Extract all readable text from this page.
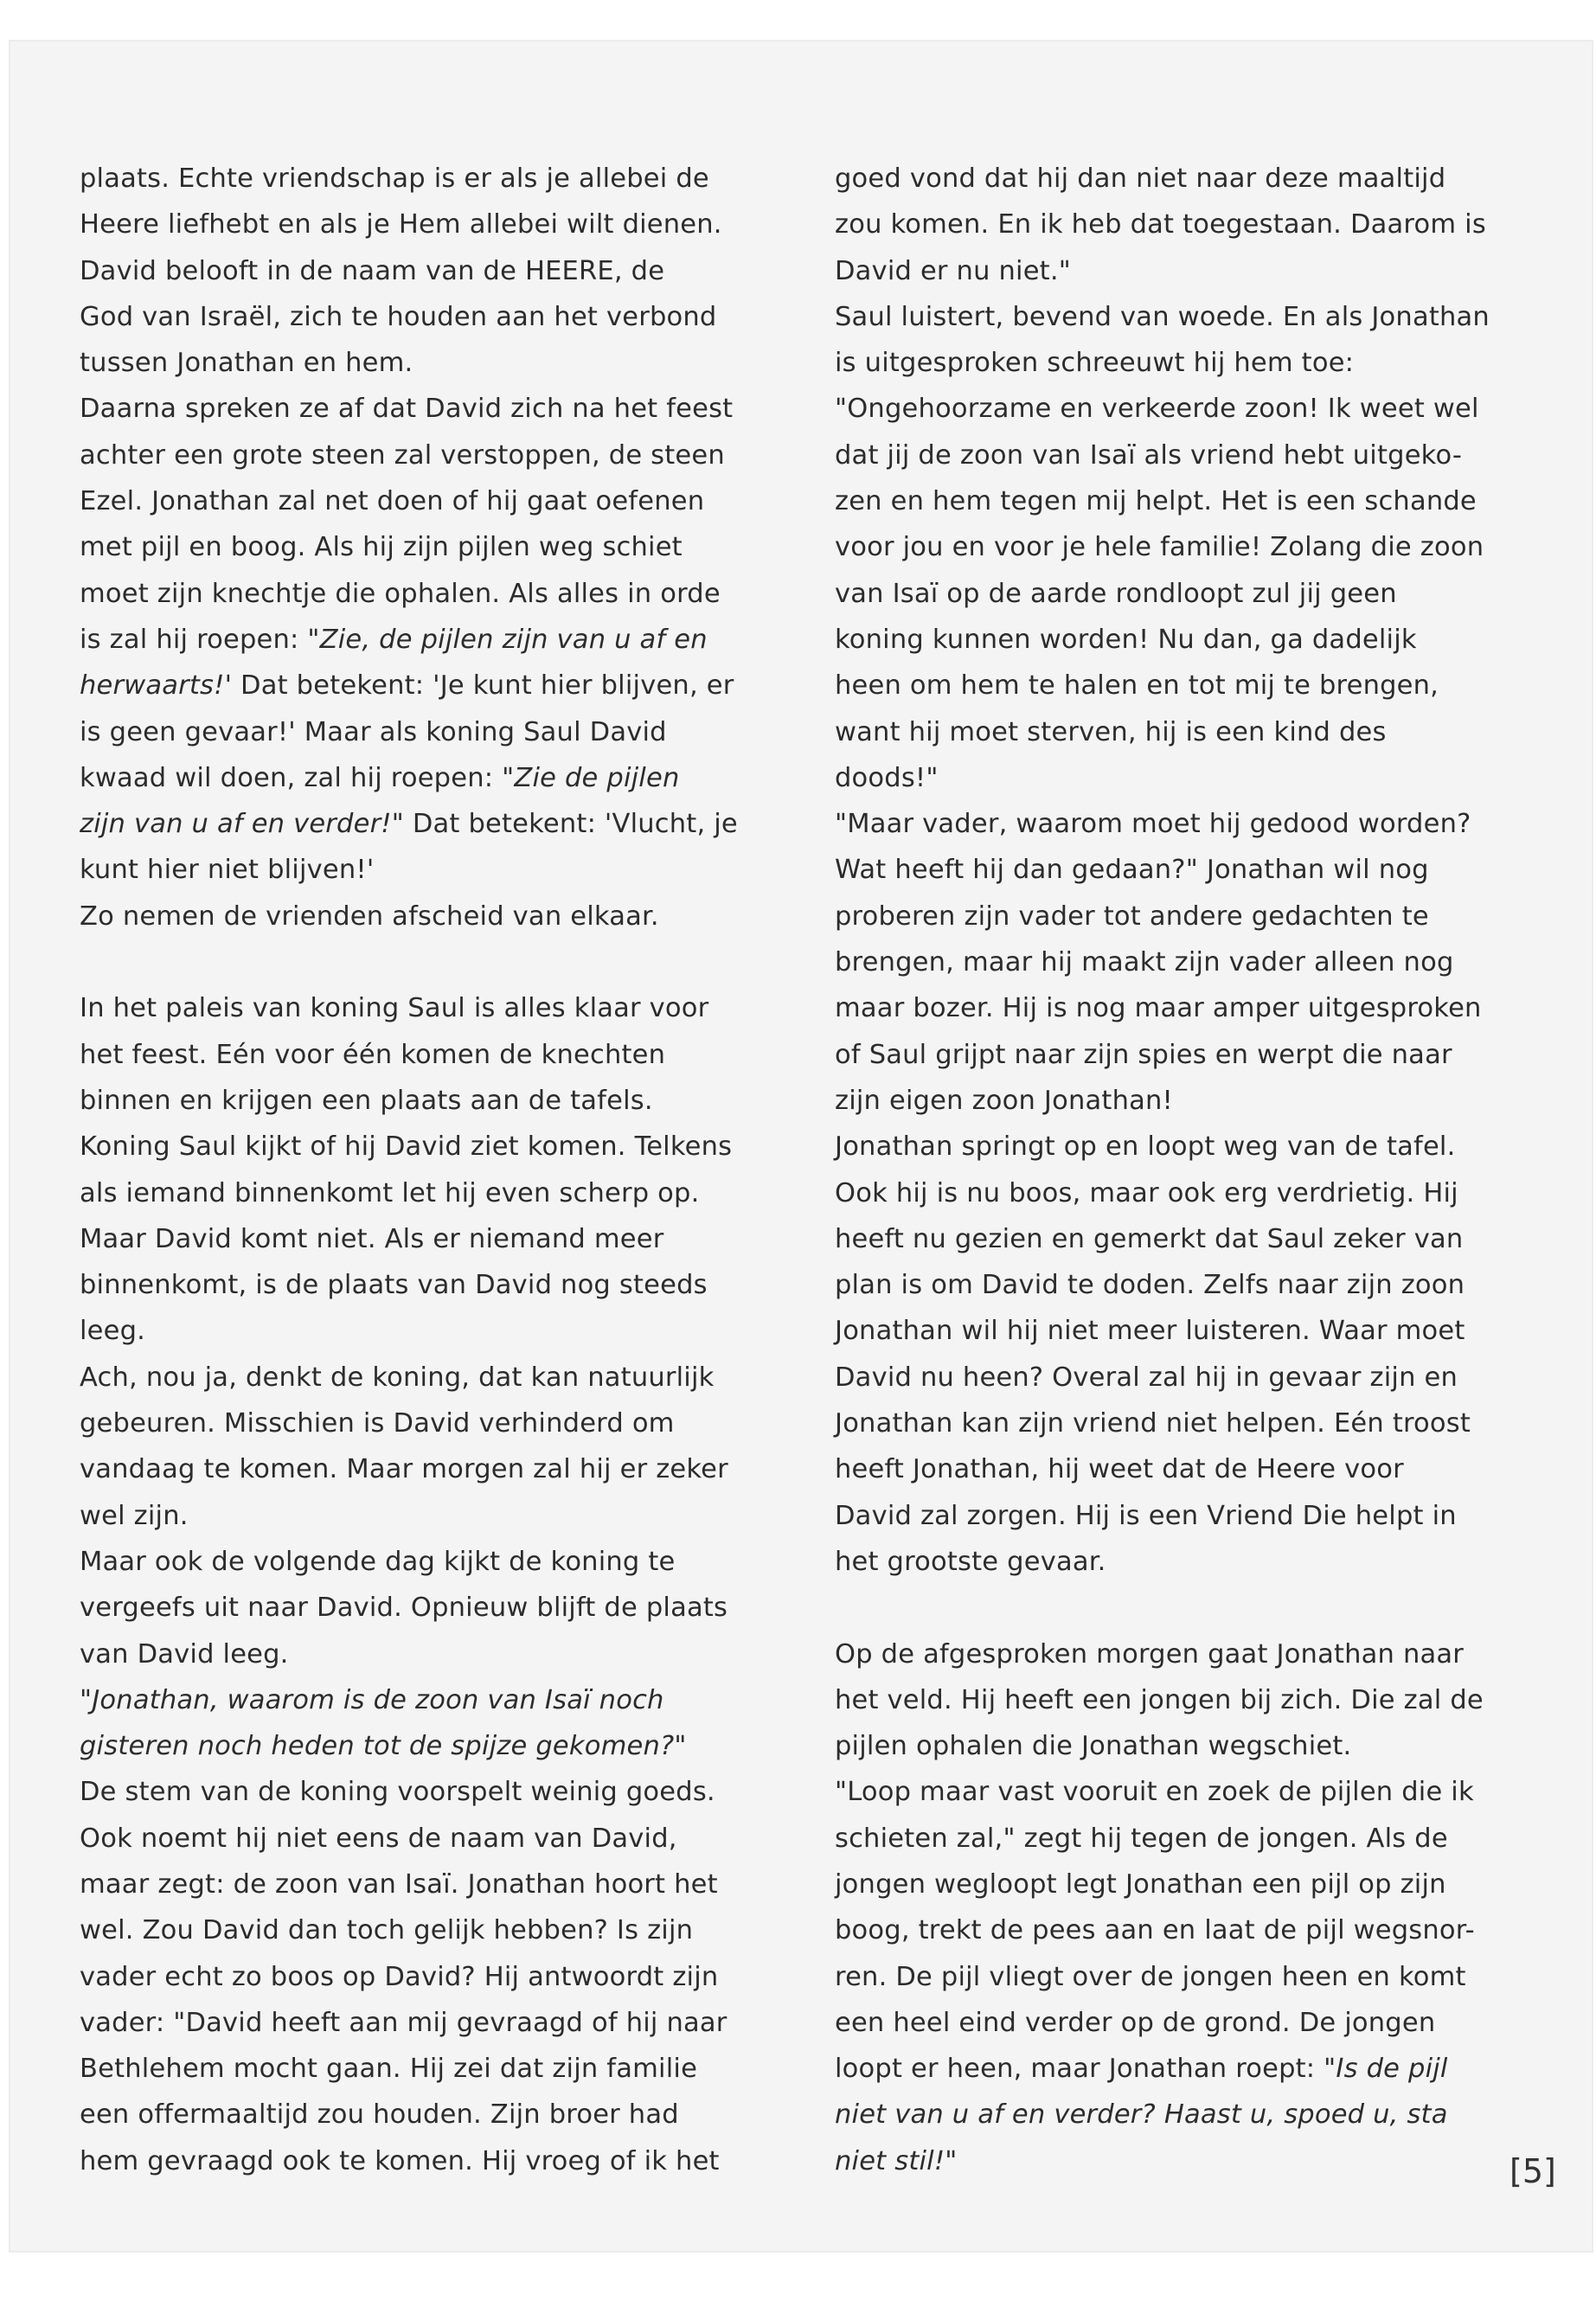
plaats. Echte vriendschap is er als je allebei de
Heere liefhebt en als je Hem allebei wilt dienen.
David belooft in de naam van de HEERE, de
God van Israël, zich te houden aan het verbond
tussen Jonathan en hem.
Daarna spreken ze af dat David zich na het feest
achter een grote steen zal verstoppen, de steen
Ezel. Jonathan zal net doen of hij gaat oefenen
met pijl en boog. Als hij zijn pijlen weg schiet
moet zijn knechtje die ophalen. Als alles in orde
is zal hij roepen: "Zie, de pijlen zijn van u af en
herwaarts!' Dat betekent: 'Je kunt hier blijven, er
is geen gevaar!' Maar als koning Saul David
kwaad wil doen, zal hij roepen: "Zie de pijlen
zijn van u af en verder!" Dat betekent: 'Vlucht, je
kunt hier niet blijven!'
Zo nemen de vrienden afscheid van elkaar.
In het paleis van koning Saul is alles klaar voor
het feest. Eén voor één komen de knechten
binnen en krijgen een plaats aan de tafels.
Koning Saul kijkt of hij David ziet komen. Telkens
als iemand binnenkomt let hij even scherp op.
Maar David komt niet. Als er niemand meer
binnenkomt, is de plaats van David nog steeds
leeg.
Ach, nou ja, denkt de koning, dat kan natuurlijk
gebeuren. Misschien is David verhinderd om
vandaag te komen. Maar morgen zal hij er zeker
wel zijn.
Maar ook de volgende dag kijkt de koning te
vergeefs uit naar David. Opnieuw blijft de plaats
van David leeg.
"Jonathan, waarom is de zoon van Isaï noch
gisteren noch heden tot de spijze gekomen?"
De stem van de koning voorspelt weinig goeds.
Ook noemt hij niet eens de naam van David,
maar zegt: de zoon van Isaï. Jonathan hoort het
wel. Zou David dan toch gelijk hebben? Is zijn
vader echt zo boos op David? Hij antwoordt zijn
vader: "David heeft aan mij gevraagd of hij naar
Bethlehem mocht gaan. Hij zei dat zijn familie
een offermaaltijd zou houden. Zijn broer had
hem gevraagd ook te komen. Hij vroeg of ik het
goed vond dat hij dan niet naar deze maaltijd
zou komen. En ik heb dat toegestaan. Daarom is
David er nu niet."
Saul luistert, bevend van woede. En als Jonathan
is uitgesproken schreeuwt hij hem toe:
"Ongehoorzame en verkeerde zoon! Ik weet wel
dat jij de zoon van Isaï als vriend hebt uitgeko-
zen en hem tegen mij helpt. Het is een schande
voor jou en voor je hele familie! Zolang die zoon
van Isaï op de aarde rondloopt zul jij geen
koning kunnen worden! Nu dan, ga dadelijk
heen om hem te halen en tot mij te brengen,
want hij moet sterven, hij is een kind des
doods!"
"Maar vader, waarom moet hij gedood worden?
Wat heeft hij dan gedaan?" Jonathan wil nog
proberen zijn vader tot andere gedachten te
brengen, maar hij maakt zijn vader alleen nog
maar bozer. Hij is nog maar amper uitgesproken
of Saul grijpt naar zijn spies en werpt die naar
zijn eigen zoon Jonathan!
Jonathan springt op en loopt weg van de tafel.
Ook hij is nu boos, maar ook erg verdrietig. Hij
heeft nu gezien en gemerkt dat Saul zeker van
plan is om David te doden. Zelfs naar zijn zoon
Jonathan wil hij niet meer luisteren. Waar moet
David nu heen? Overal zal hij in gevaar zijn en
Jonathan kan zijn vriend niet helpen. Eén troost
heeft Jonathan, hij weet dat de Heere voor
David zal zorgen. Hij is een Vriend Die helpt in
het grootste gevaar.
Op de afgesproken morgen gaat Jonathan naar
het veld. Hij heeft een jongen bij zich. Die zal de
pijlen ophalen die Jonathan wegschiet.
"Loop maar vast vooruit en zoek de pijlen die ik
schieten zal," zegt hij tegen de jongen. Als de
jongen wegloopt legt Jonathan een pijl op zijn
boog, trekt de pees aan en laat de pijl wegsnor-
ren. De pijl vliegt over de jongen heen en komt
een heel eind verder op de grond. De jongen
loopt er heen, maar Jonathan roept: "Is de pijl
niet van u af en verder? Haast u, spoed u, sta
niet stil!"	[5]
